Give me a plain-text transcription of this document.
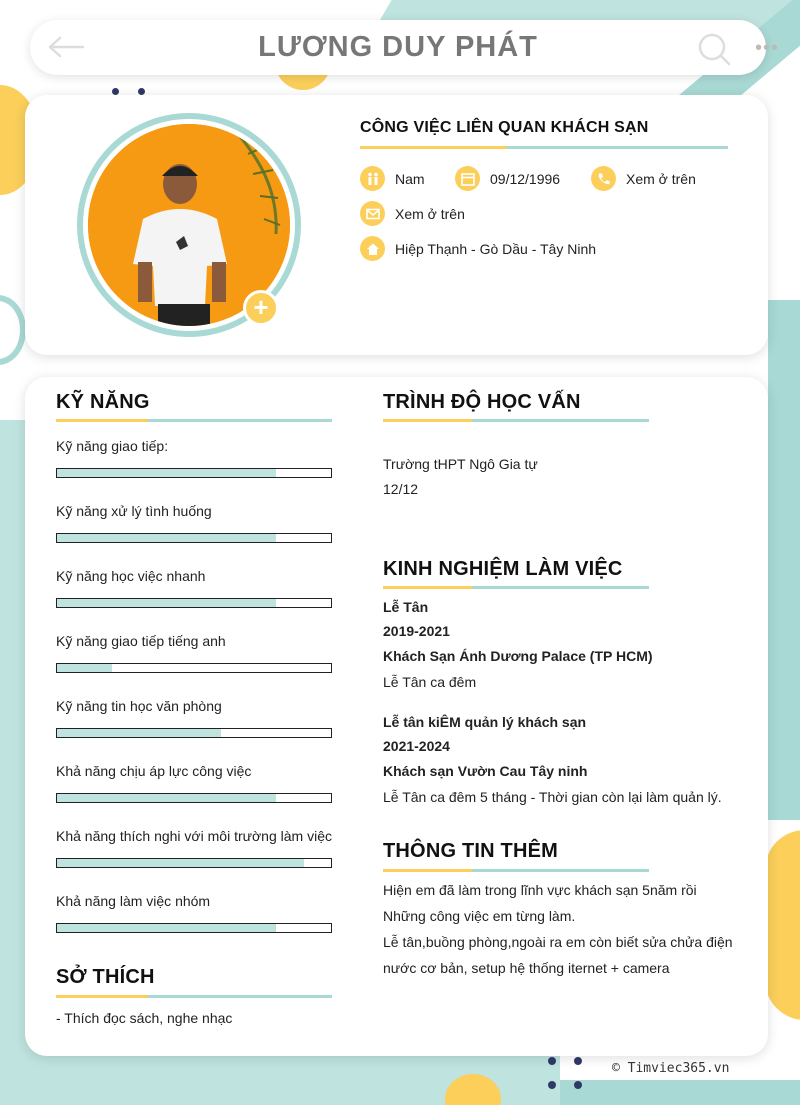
LƯƠNG DUY PHÁT	•••
+
CÔNG VIỆC LIÊN QUAN KHÁCH SẠN
Nam	09/12/1996	Xem ở trên
Xem ở trên
Hiệp Thạnh - Gò Dầu - Tây Ninh
KỸ NĂNG
Kỹ năng giao tiếp:
Kỹ năng xử lý tình huống
Kỹ năng học việc nhanh
Kỹ năng giao tiếp tiếng anh
Kỹ năng tin học văn phòng
Khả năng chịu áp lực công việc
Khả năng thích nghi với môi trường làm việc
Khả năng làm việc nhóm
SỞ THÍCH
- Thích đọc sách, nghe nhạc
TRÌNH ĐỘ HỌC VẤN
Trường tHPT Ngô Gia tự
12/12
KINH NGHIỆM LÀM VIỆC
Lễ Tân
2019-2021
Khách Sạn Ánh Dương Palace (TP HCM)
Lễ Tân ca đêm
Lễ tân kiÊM quản lý khách sạn
2021-2024
Khách sạn Vườn Cau Tây ninh
Lễ Tân ca đêm 5 tháng - Thời gian còn lại làm quản lý.
THÔNG TIN THÊM
Hiện em đã làm trong lĩnh vực khách sạn 5năm rồi
Những công việc em từng làm.
Lễ tân,buồng phòng,ngoài ra em còn biết sửa chửa điện
nước cơ bản, setup hệ thống iternet + camera
© Timviec365.vn
